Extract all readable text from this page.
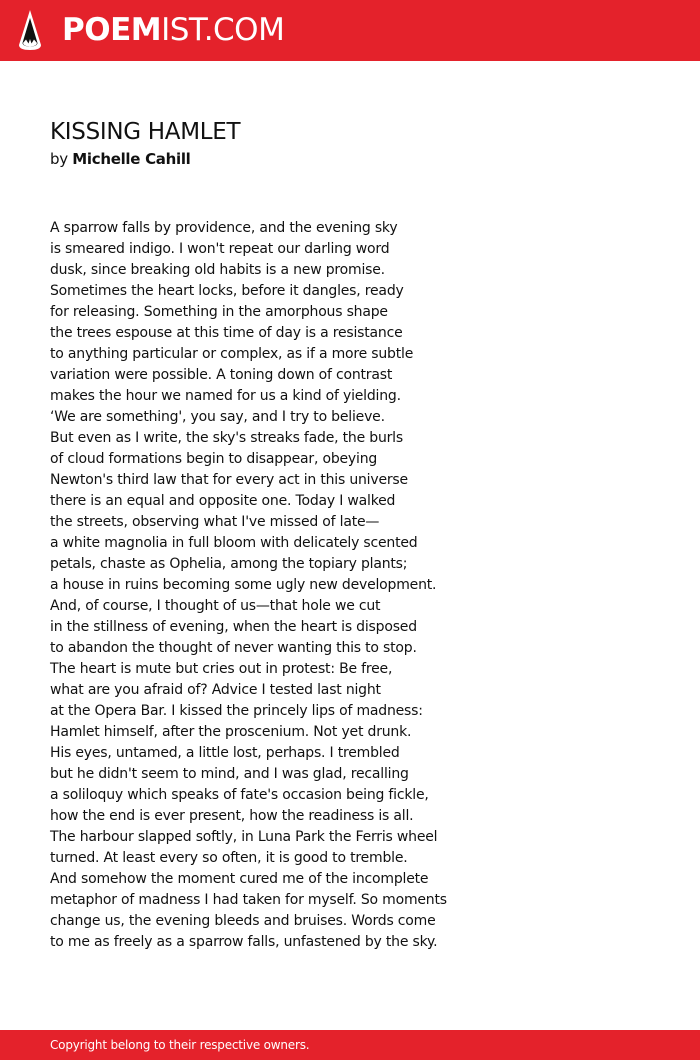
POEMIST.COM
KISSING HAMLET
by Michelle Cahill
A sparrow falls by providence, and the evening sky
is smeared indigo. I won't repeat our darling word
dusk, since breaking old habits is a new promise.
Sometimes the heart locks, before it dangles, ready
for releasing. Something in the amorphous shape
the trees espouse at this time of day is a resistance
to anything particular or complex, as if a more subtle
variation were possible. A toning down of contrast
makes the hour we named for us a kind of yielding.
‘We are something', you say, and I try to believe.
But even as I write, the sky's streaks fade, the burls
of cloud formations begin to disappear, obeying
Newton's third law that for every act in this universe
there is an equal and opposite one. Today I walked
the streets, observing what I've missed of late—
a white magnolia in full bloom with delicately scented
petals, chaste as Ophelia, among the topiary plants;
a house in ruins becoming some ugly new development.
And, of course, I thought of us—that hole we cut
in the stillness of evening, when the heart is disposed
to abandon the thought of never wanting this to stop.
The heart is mute but cries out in protest: Be free,
what are you afraid of? Advice I tested last night
at the Opera Bar. I kissed the princely lips of madness:
Hamlet himself, after the proscenium. Not yet drunk.
His eyes, untamed, a little lost, perhaps. I trembled
but he didn't seem to mind, and I was glad, recalling
a soliloquy which speaks of fate's occasion being fickle,
how the end is ever present, how the readiness is all.
The harbour slapped softly, in Luna Park the Ferris wheel
turned. At least every so often, it is good to tremble.
And somehow the moment cured me of the incomplete
metaphor of madness I had taken for myself. So moments
change us, the evening bleeds and bruises. Words come
to me as freely as a sparrow falls, unfastened by the sky.
Copyright belong to their respective owners.
